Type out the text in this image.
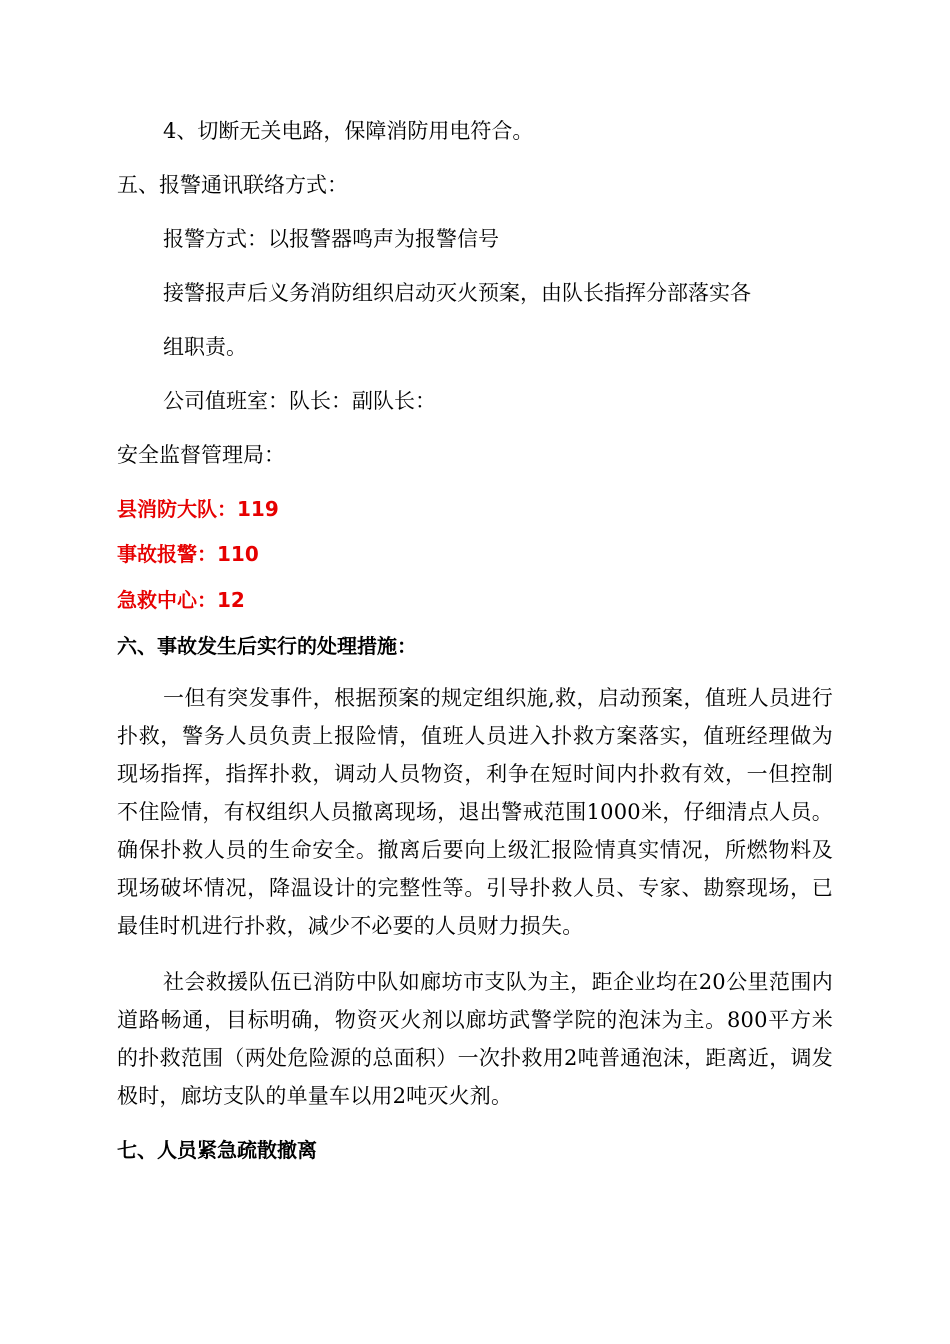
4、切断无关电路，保障消防用电符合。
五、报警通讯联络方式：
报警方式：以报警器鸣声为报警信号
接警报声后义务消防组织启动灭火预案，由队长指挥分部落实各
组职责。
公司值班室：队长：副队长：
安全监督管理局：
县消防大队：119
事故报警：110
急救中心：12
六、事故发生后实行的处理措施：
一但有突发事件，根据预案的规定组织施,救，启动预案，值班人员进行扑救，警务人员负责上报险情，值班人员进入扑救方案落实，值班经理做为现场指挥，指挥扑救，调动人员物资，利争在短时间内扑救有效，一但控制不住险情，有权组织人员撤离现场，退出警戒范围1000米，仔细清点人员。确保扑救人员的生命安全。撤离后要向上级汇报险情真实情况，所燃物料及现场破坏情况，降温设计的完整性等。引导扑救人员、专家、勘察现场，已最佳时机进行扑救，减少不必要的人员财力损失。
社会救援队伍已消防中队如廊坊市支队为主，距企业均在20公里范围内道路畅通，目标明确，物资灭火剂以廊坊武警学院的泡沫为主。800平方米的扑救范围（两处危险源的总面积）一次扑救用2吨普通泡沫，距离近，调发极时，廊坊支队的单量车以用2吨灭火剂。
七、人员紧急疏散撤离
